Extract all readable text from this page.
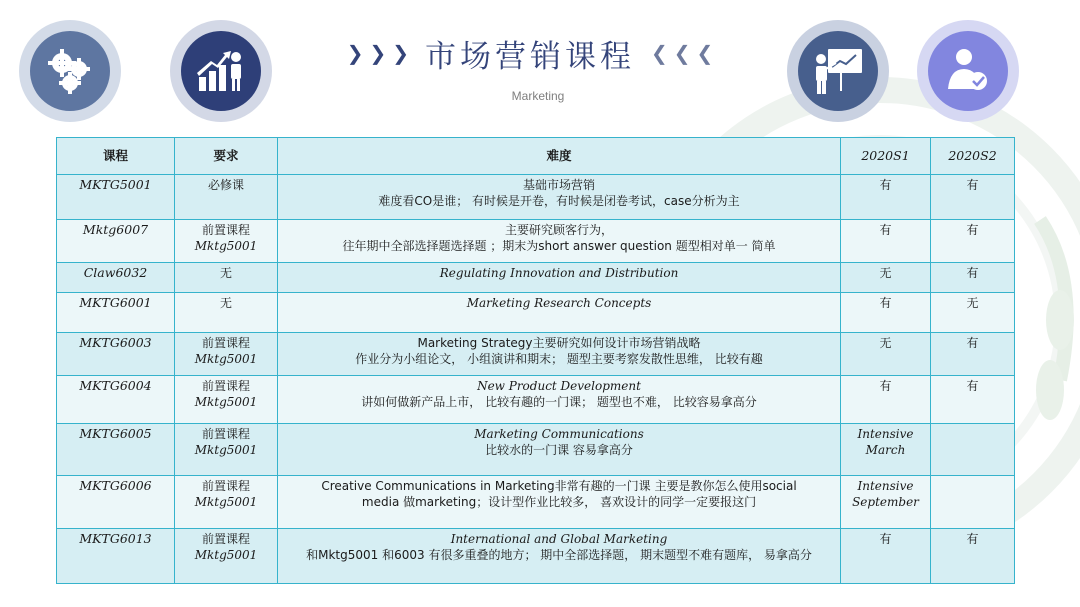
❯ ❯ ❯ 市场营销课程 ❮ ❮ ❮
Marketing
课程	要求	难度	2020S1	2020S2
MKTG5001	必修课	基础市场营销
难度看CO是谁； 有时候是开卷，有时候是闭卷考试，case分析为主	有	有
Mktg6007	前置课程
Mktg5001	主要研究顾客行为，
往年期中全部选择题选择题 ；期末为short answer question 题型相对单一 简单	有	有
Claw6032	无	Regulating Innovation and Distribution	无	有
MKTG6001	无	Marketing Research Concepts	有	无
MKTG6003	前置课程
Mktg5001	Marketing Strategy主要研究如何设计市场营销战略
作业分为小组论文， 小组演讲和期末； 题型主要考察发散性思维， 比较有趣	无	有
MKTG6004	前置课程
Mktg5001	New Product Development
讲如何做新产品上市， 比较有趣的一门课； 题型也不难， 比较容易拿高分	有	有
MKTG6005	前置课程
Mktg5001	Marketing Communications
比较水的一门课 容易拿高分	Intensive March	
MKTG6006	前置课程
Mktg5001	Creative Communications in Marketing非常有趣的一门课 主要是教你怎么使用social
media 做marketing；设计型作业比较多， 喜欢设计的同学一定要报这门	Intensive September	
MKTG6013	前置课程
Mktg5001	International and Global Marketing
和Mktg5001 和6003 有很多重叠的地方； 期中全部选择题， 期末题型不难有题库， 易拿高分	有	有
